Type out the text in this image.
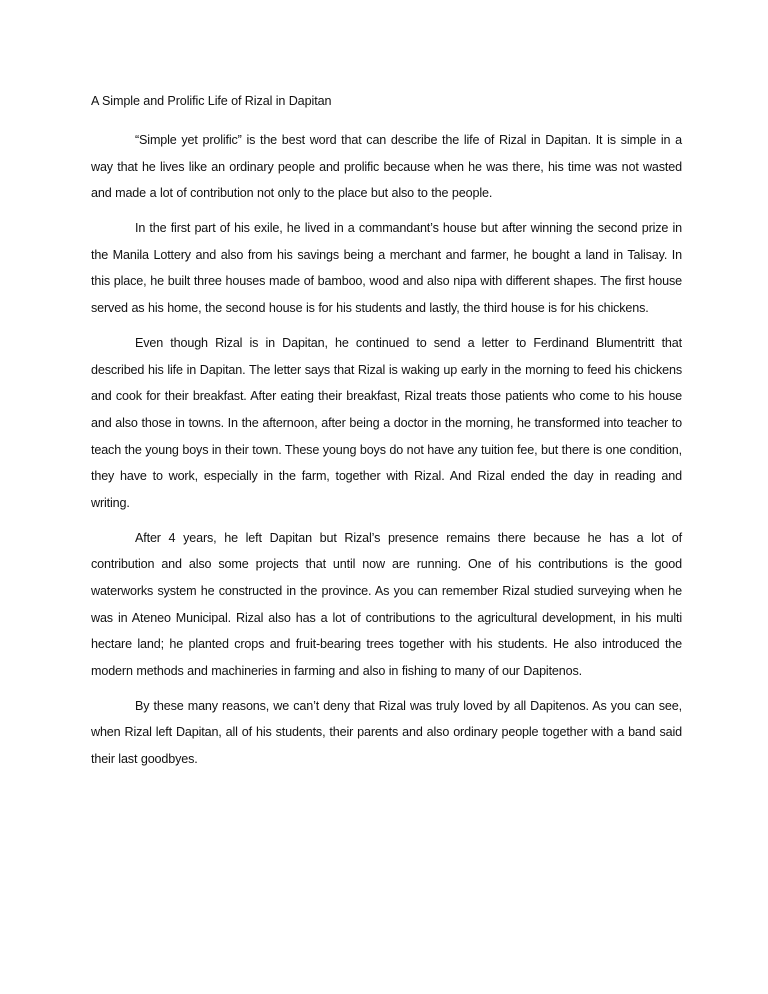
A Simple and Prolific Life of Rizal in Dapitan

“Simple yet prolific” is the best word that can describe the life of Rizal in Dapitan. It is simple in a way that he lives like an ordinary people and prolific because when he was there, his time was not wasted and made a lot of contribution not only to the place but also to the people.

In the first part of his exile, he lived in a commandant’s house but after winning the second prize in the Manila Lottery and also from his savings being a merchant and farmer, he bought a land in Talisay. In this place, he built three houses made of bamboo, wood and also nipa with different shapes. The first house served as his home, the second house is for his students and lastly, the third house is for his chickens.

Even though Rizal is in Dapitan, he continued to send a letter to Ferdinand Blumentritt that described his life in Dapitan. The letter says that Rizal is waking up early in the morning to feed his chickens and cook for their breakfast. After eating their breakfast, Rizal treats those patients who come to his house and also those in towns. In the afternoon, after being a doctor in the morning, he transformed into teacher to teach the young boys in their town. These young boys do not have any tuition fee, but there is one condition, they have to work, especially in the farm, together with Rizal. And Rizal ended the day in reading and writing.

After 4 years, he left Dapitan but Rizal’s presence remains there because he has a lot of contribution and also some projects that until now are running. One of his contributions is the good waterworks system he constructed in the province. As you can remember Rizal studied surveying when he was in Ateneo Municipal. Rizal also has a lot of contributions to the agricultural development, in his multi hectare land; he planted crops and fruit-bearing trees together with his students. He also introduced the modern methods and machineries in farming and also in fishing to many of our Dapitenos.

By these many reasons, we can’t deny that Rizal was truly loved by all Dapitenos. As you can see, when Rizal left Dapitan, all of his students, their parents and also ordinary people together with a band said their last goodbyes.
